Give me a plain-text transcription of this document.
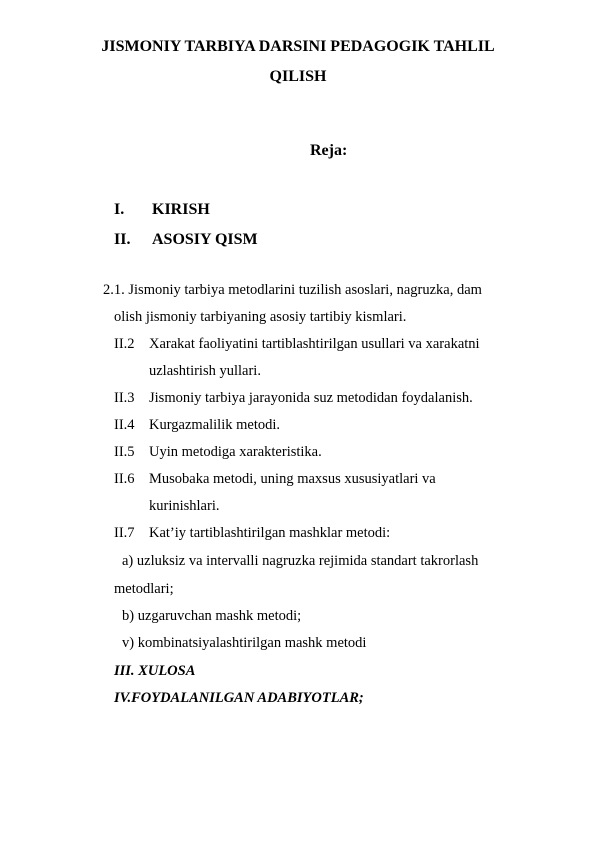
JISMONIY TARBIYA DARSINI PEDAGOGIK TAHLIL
QILISH
Reja:
I. KIRISH
II. ASOSIY QISM
2.1. Jismoniy tarbiya metodlarini tuzilish asoslari, nagruzka, dam
olish jismoniy tarbiyaning asosiy tartibiy kismlari.
II.2 Xarakat faoliyatini tartiblashtirilgan usullari va xarakatni
uzlashtirish yullari.
II.3 Jismoniy tarbiya jarayonida suz metodidan foydalanish.
II.4 Kurgazmalilik metodi.
II.5 Uyin metodiga xarakteristika.
II.6 Musobaka metodi, uning maxsus xususiyatlari va
kurinishlari.
II.7 Kat’iy tartiblashtirilgan mashklar metodi:
a) uzluksiz va intervalli nagruzka rejimida standart takrorlash
metodlari;
b) uzgaruvchan mashk metodi;
v) kombinatsiyalashtirilgan mashk metodi
III. XULOSA
IV.FOYDALANILGAN ADABIYOTLAR;
